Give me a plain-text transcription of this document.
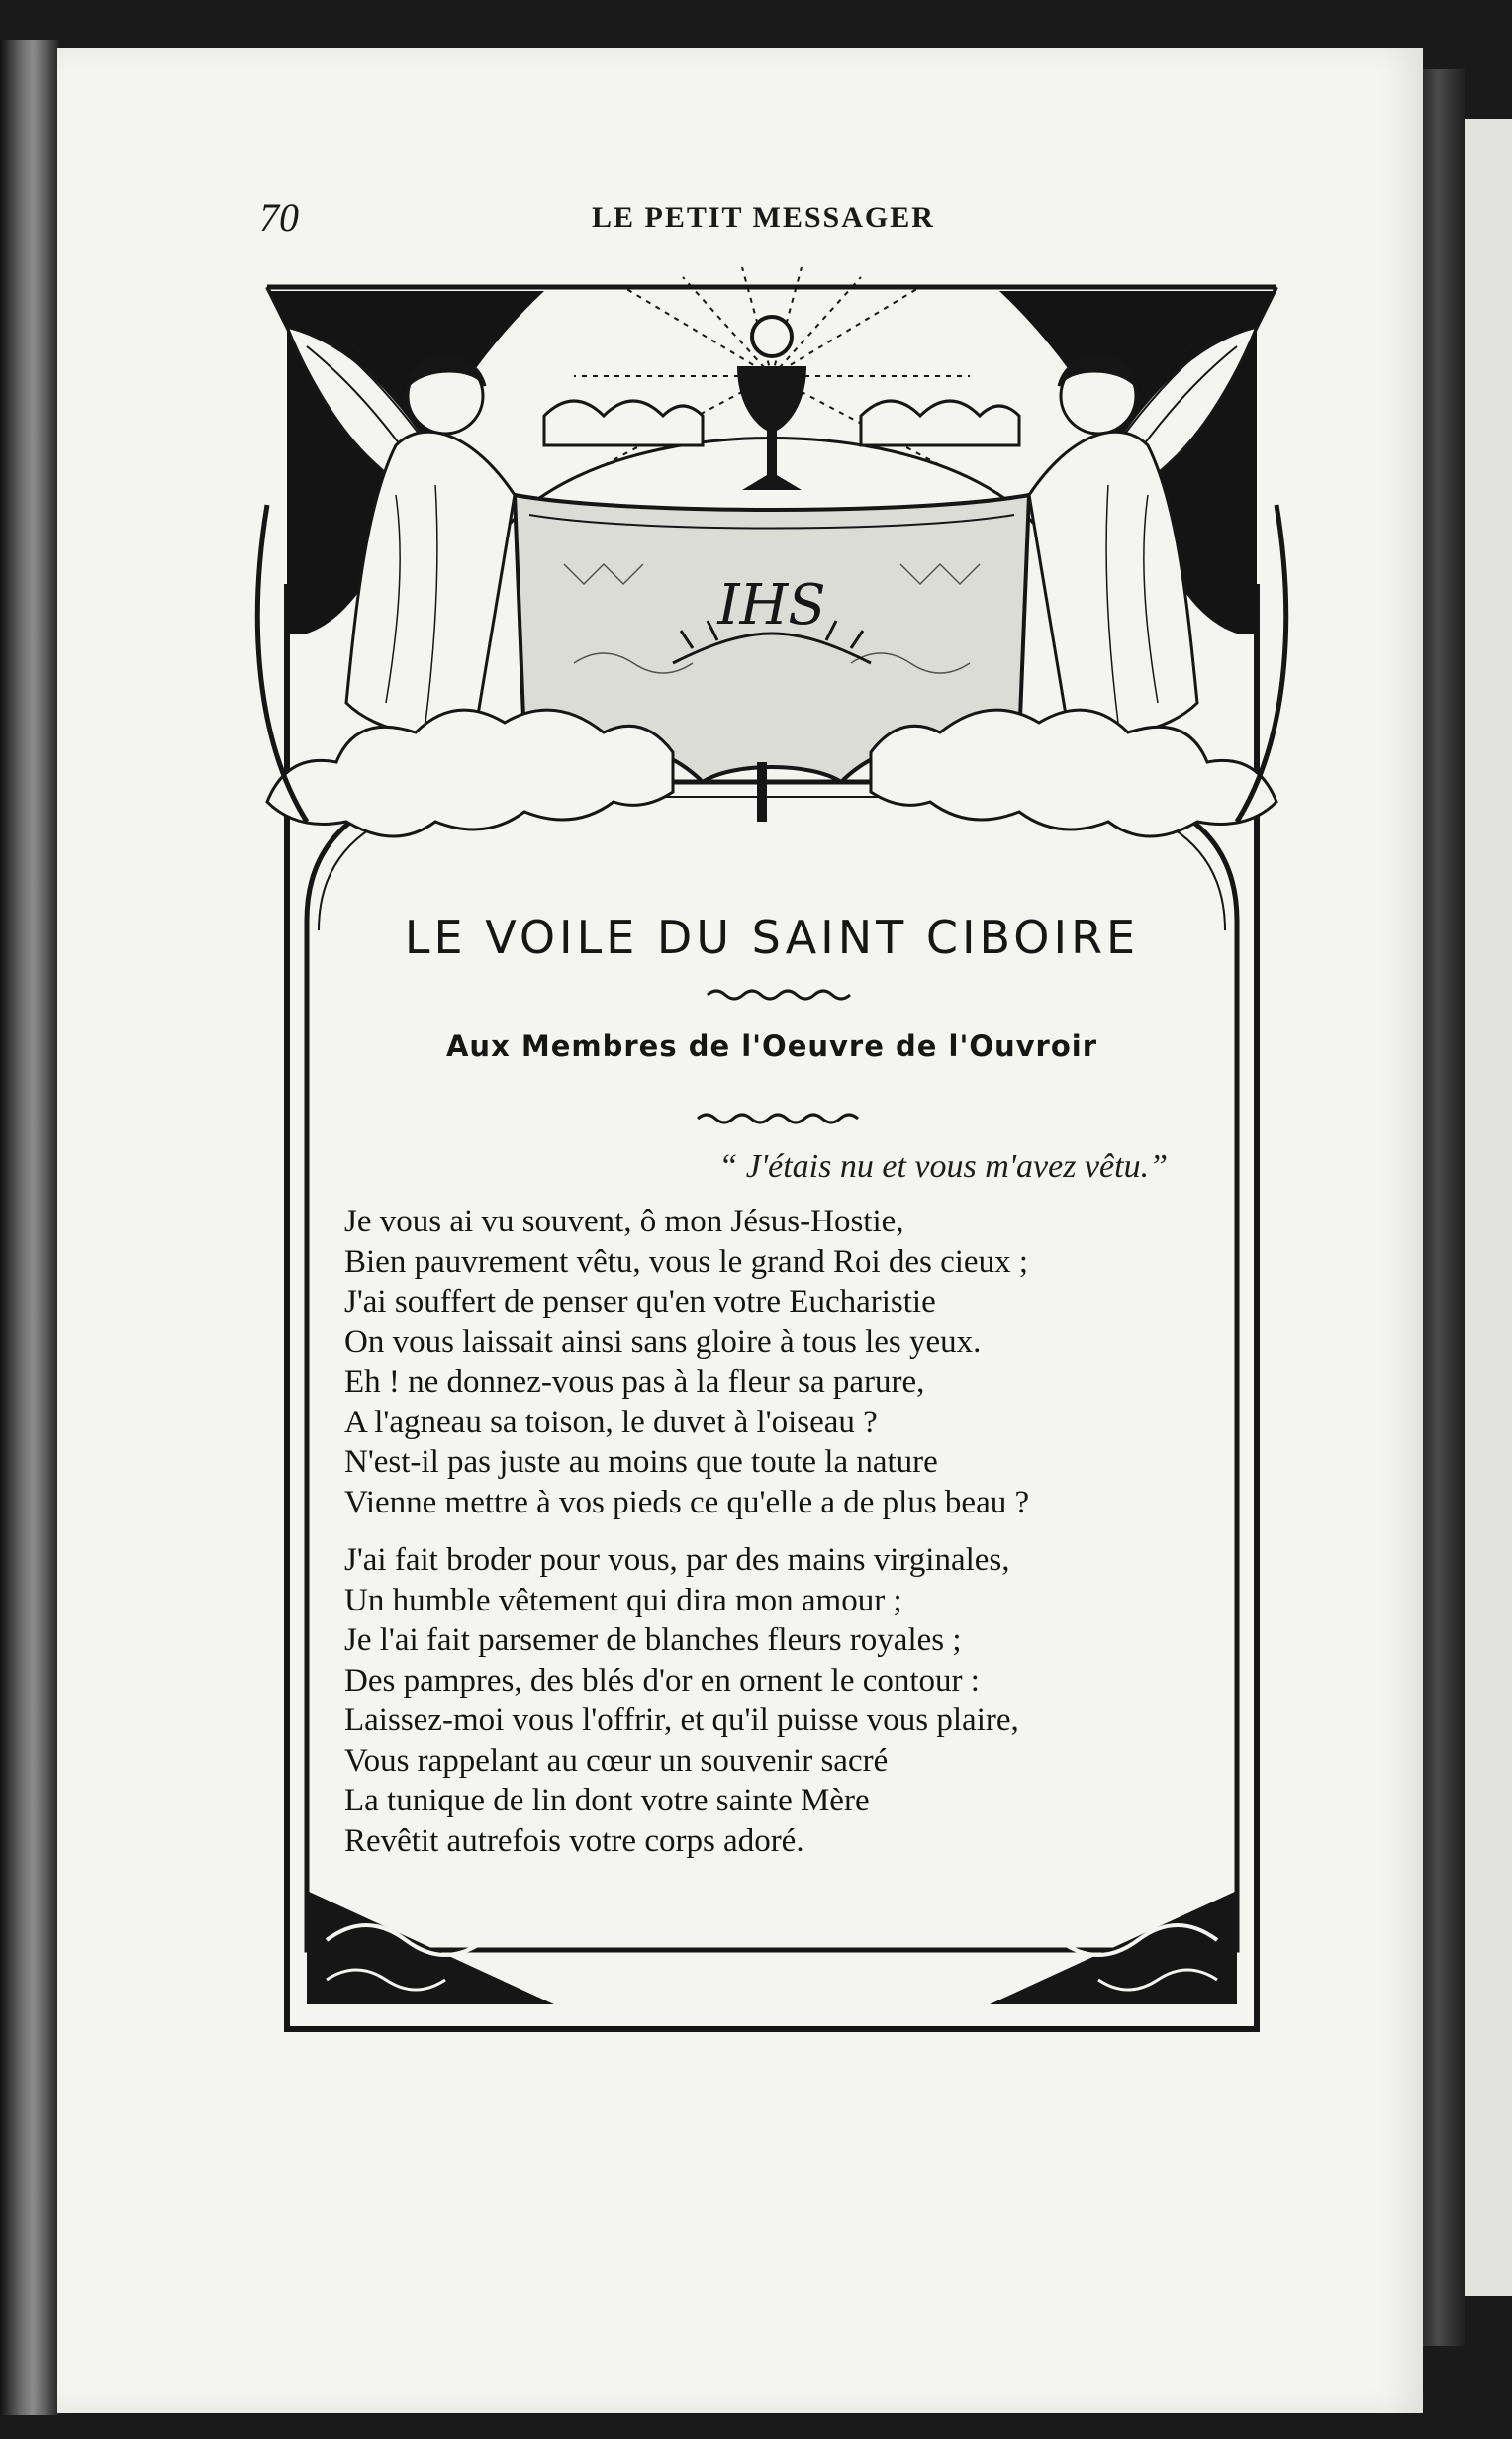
70	LE PETIT MESSAGER
IHS
LE VOILE DU SAINT CIBOIRE
Aux Membres de l'Oeuvre de l'Ouvroir
“ J'étais nu et vous m'avez vêtu.”
Je vous ai vu souvent, ô mon Jésus-Hostie,
Bien pauvrement vêtu, vous le grand Roi des cieux ;
J'ai souffert de penser qu'en votre Eucharistie
On vous laissait ainsi sans gloire à tous les yeux.
Eh ! ne donnez-vous pas à la fleur sa parure,
A l'agneau sa toison, le duvet à l'oiseau ?
N'est-il pas juste au moins que toute la nature
Vienne mettre à vos pieds ce qu'elle a de plus beau ?
J'ai fait broder pour vous, par des mains virginales,
Un humble vêtement qui dira mon amour ;
Je l'ai fait parsemer de blanches fleurs royales ;
Des pampres, des blés d'or en ornent le contour :
Laissez-moi vous l'offrir, et qu'il puisse vous plaire,
Vous rappelant au cœur un souvenir sacré
La tunique de lin dont votre sainte Mère
Revêtit autrefois votre corps adoré.
